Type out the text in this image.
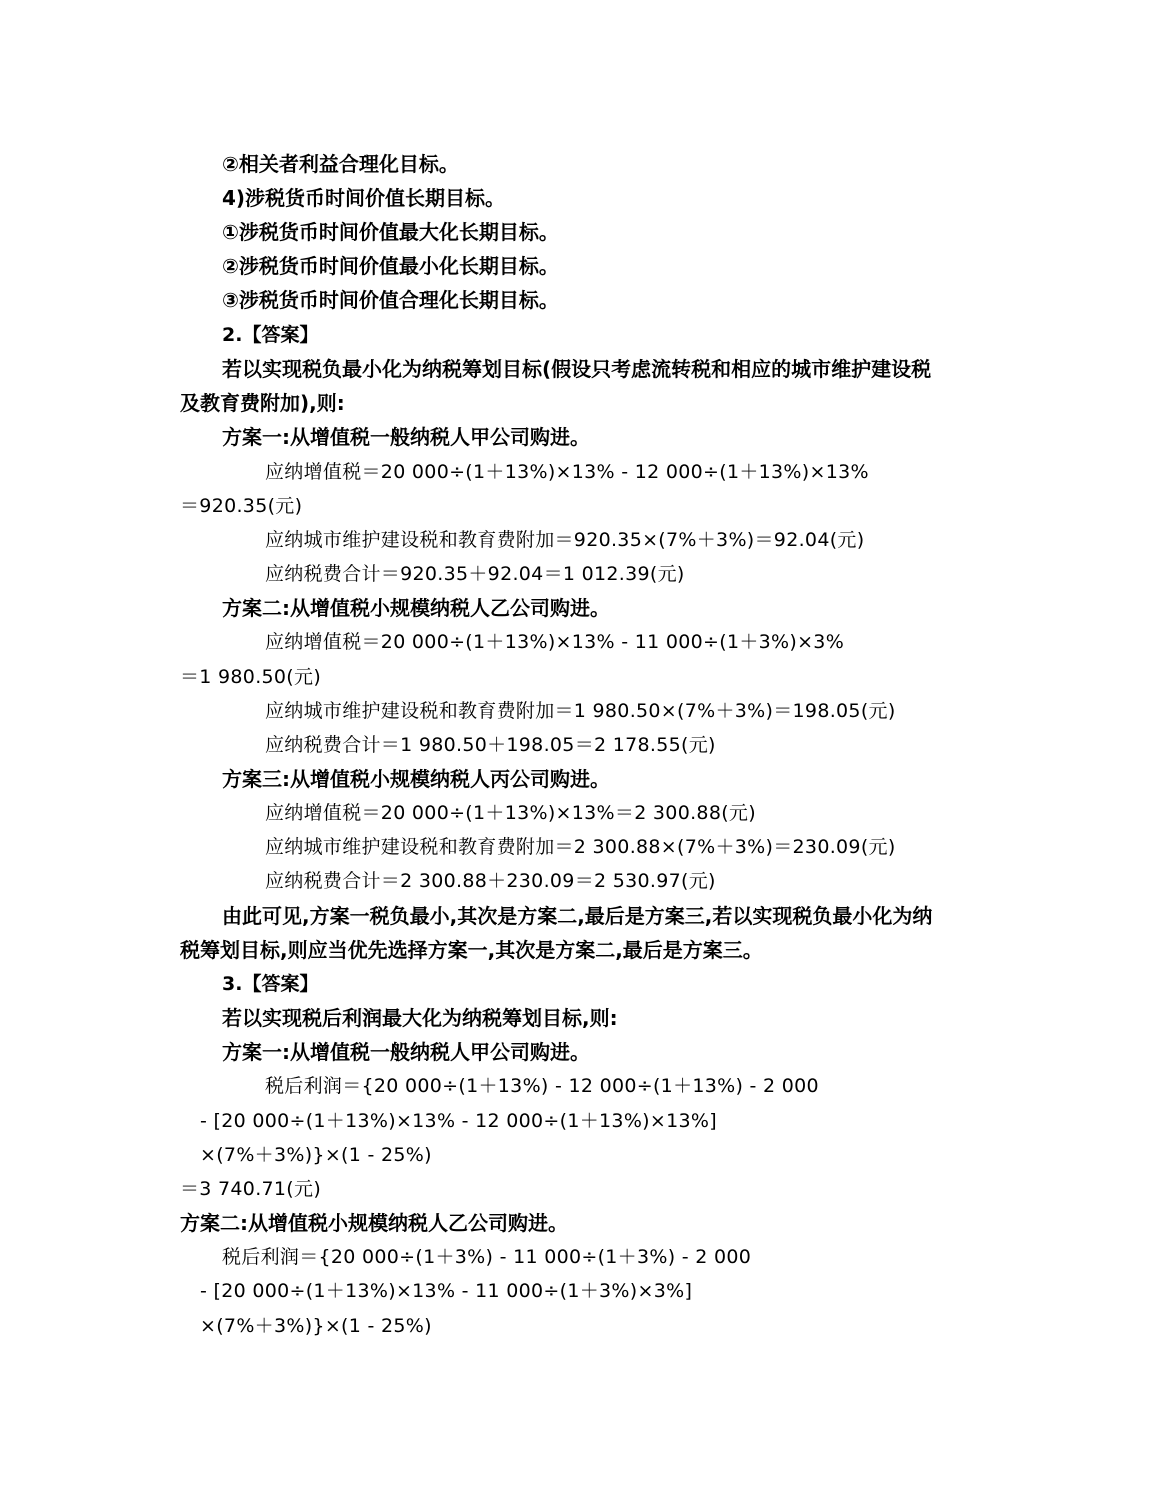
②相关者利益合理化目标。
4)涉税货币时间价值长期目标。
①涉税货币时间价值最大化长期目标。
②涉税货币时间价值最小化长期目标。
③涉税货币时间价值合理化长期目标。
2.【答案】
若以实现税负最小化为纳税筹划目标(假设只考虑流转税和相应的城市维护建设税
及教育费附加),则:
方案一:从增值税一般纳税人甲公司购进。
应纳增值税＝20 000÷(1＋13%)×13% - 12 000÷(1＋13%)×13%
＝920.35(元)
应纳城市维护建设税和教育费附加＝920.35×(7%＋3%)＝92.04(元)
应纳税费合计＝920.35＋92.04＝1 012.39(元)
方案二:从增值税小规模纳税人乙公司购进。
应纳增值税＝20 000÷(1＋13%)×13% - 11 000÷(1＋3%)×3%
＝1 980.50(元)
应纳城市维护建设税和教育费附加＝1 980.50×(7%＋3%)＝198.05(元)
应纳税费合计＝1 980.50＋198.05＝2 178.55(元)
方案三:从增值税小规模纳税人丙公司购进。
应纳增值税＝20 000÷(1＋13%)×13%＝2 300.88(元)
应纳城市维护建设税和教育费附加＝2 300.88×(7%＋3%)＝230.09(元)
应纳税费合计＝2 300.88＋230.09＝2 530.97(元)
由此可见,方案一税负最小,其次是方案二,最后是方案三,若以实现税负最小化为纳
税筹划目标,则应当优先选择方案一,其次是方案二,最后是方案三。
3.【答案】
若以实现税后利润最大化为纳税筹划目标,则:
方案一:从增值税一般纳税人甲公司购进。
税后利润＝{20 000÷(1＋13%) - 12 000÷(1＋13%) - 2 000
- [20 000÷(1＋13%)×13% - 12 000÷(1＋13%)×13%]
×(7%＋3%)}×(1 - 25%)
＝3 740.71(元)
方案二:从增值税小规模纳税人乙公司购进。
税后利润＝{20 000÷(1＋3%) - 11 000÷(1＋3%) - 2 000
- [20 000÷(1＋13%)×13% - 11 000÷(1＋3%)×3%]
×(7%＋3%)}×(1 - 25%)
